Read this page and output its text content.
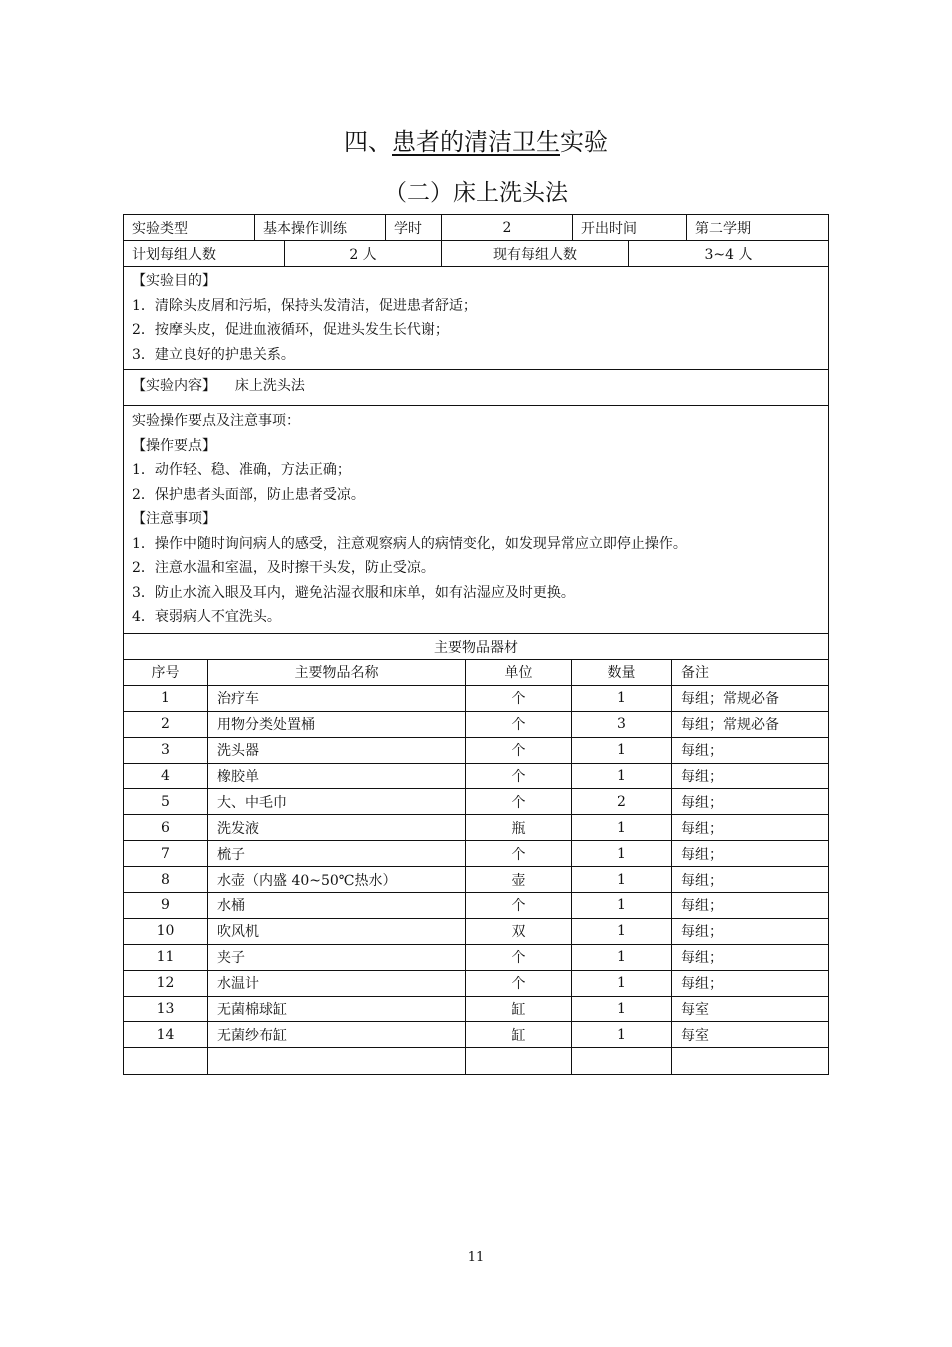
四、患者的清洁卫生实验
（二）床上洗头法
实验类型	基本操作训练	学时	2	开出时间	第二学期
计划每组人数	2 人	现有每组人数	3~4 人
【实验目的】
1．清除头皮屑和污垢，保持头发清洁，促进患者舒适；
2．按摩头皮，促进血液循环，促进头发生长代谢；
3．建立良好的护患关系。
【实验内容】 床上洗头法
实验操作要点及注意事项：
【操作要点】
1．动作轻、稳、准确，方法正确；
2．保护患者头面部，防止患者受凉。
【注意事项】
1．操作中随时询问病人的感受，注意观察病人的病情变化，如发现异常应立即停止操作。
2．注意水温和室温，及时擦干头发，防止受凉。
3．防止水流入眼及耳内，避免沾湿衣服和床单，如有沾湿应及时更换。
4．衰弱病人不宜洗头。
主要物品器材
序号	主要物品名称	单位	数量	备注
1	治疗车	个	1	每组；常规必备
2	用物分类处置桶	个	3	每组；常规必备
3	洗头器	个	1	每组；
4	橡胶单	个	1	每组；
5	大、中毛巾	个	2	每组；
6	洗发液	瓶	1	每组；
7	梳子	个	1	每组；
8	水壶（内盛 40~50℃热水）	壶	1	每组；
9	水桶	个	1	每组；
10	吹风机	双	1	每组；
11	夹子	个	1	每组；
12	水温计	个	1	每组；
13	无菌棉球缸	缸	1	每室
14	无菌纱布缸	缸	1	每室
11
